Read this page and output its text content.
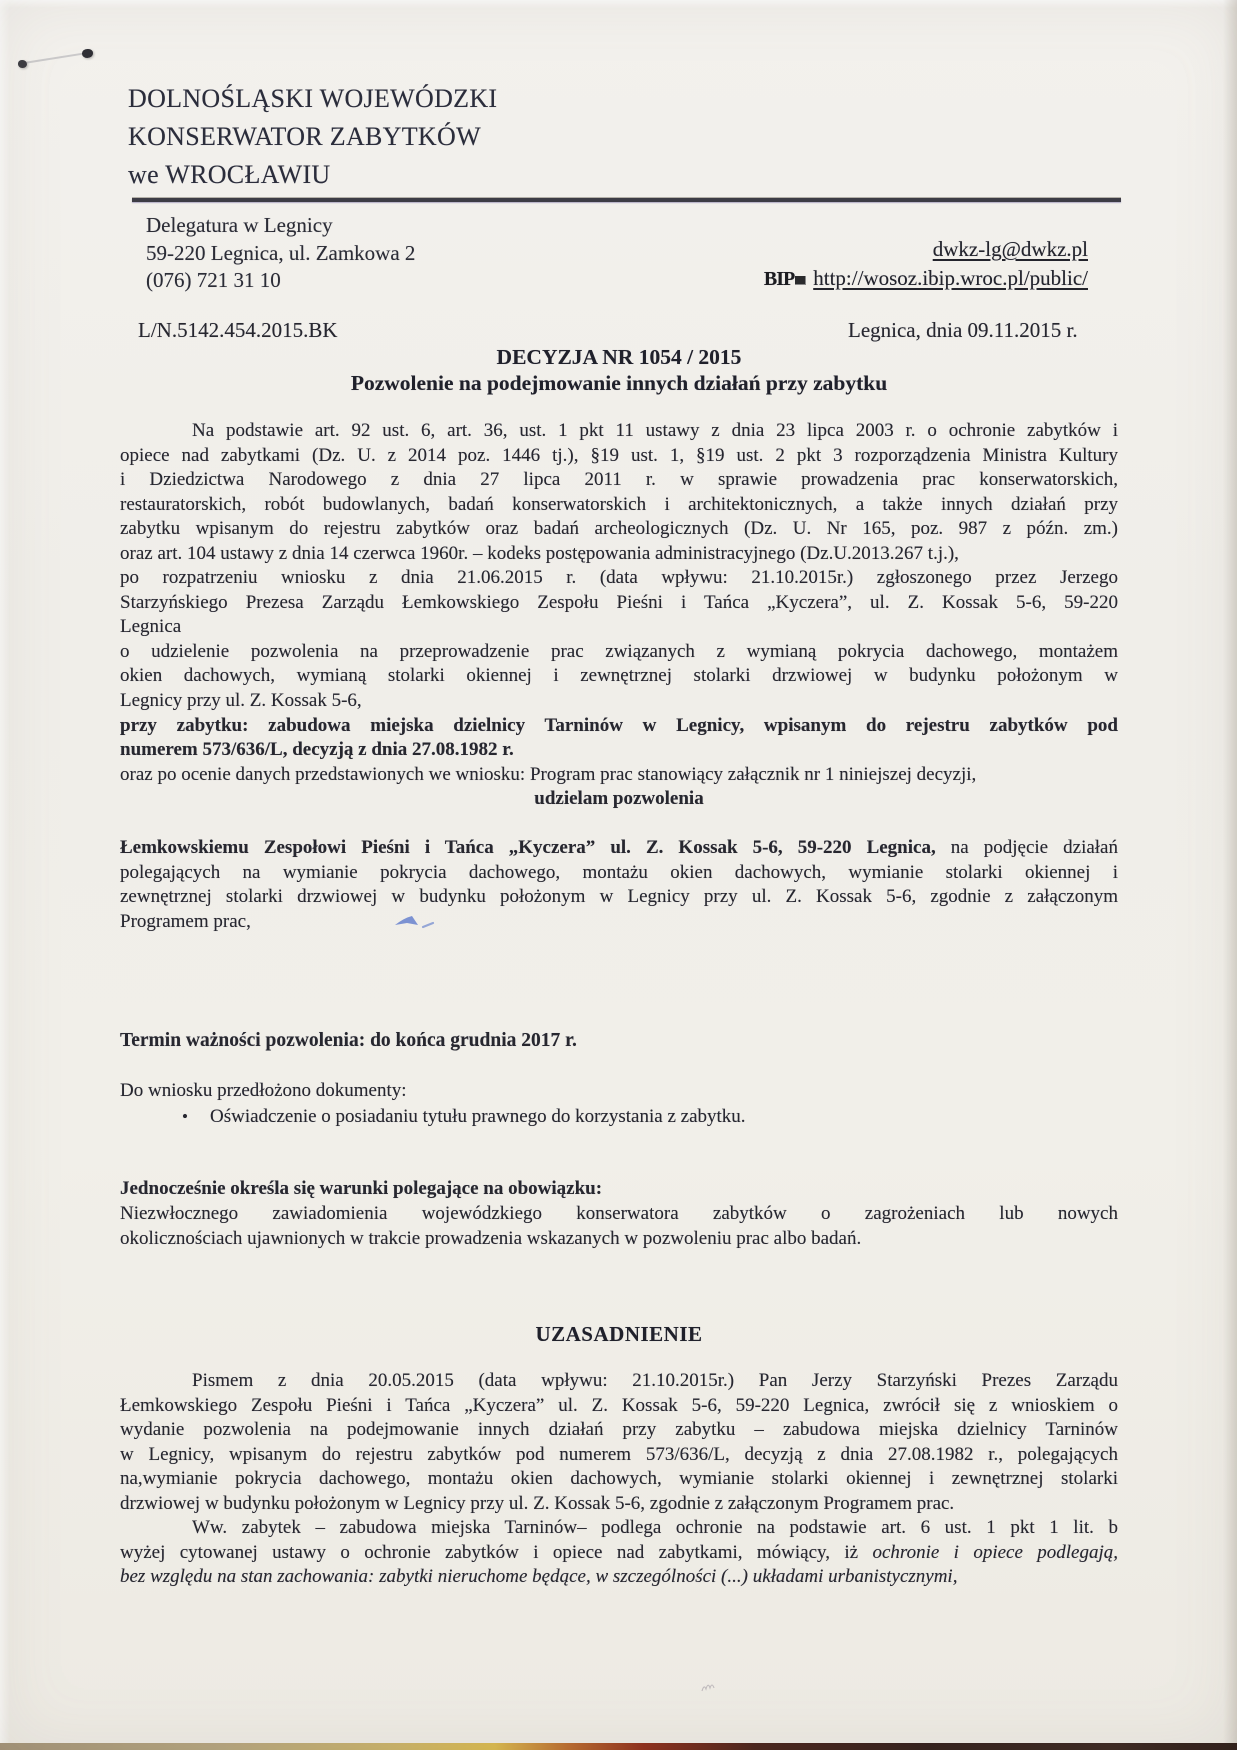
DOLNOŚLĄSKI WOJEWÓDZKI
KONSERWATOR ZABYTKÓW
we WROCŁAWIU
Delegatura w Legnicy
59-220 Legnica, ul. Zamkowa 2
(076) 721 31 10
dwkz-lg@dwkz.pl
BIP http://wosoz.ibip.wroc.pl/public/
L/N.5142.454.2015.BK	Legnica, dnia 09.11.2015 r.
DECYZJA NR 1054 / 2015
Pozwolenie na podejmowanie innych działań przy zabytku
Na podstawie art. 92 ust. 6, art. 36, ust. 1 pkt 11 ustawy z dnia 23 lipca 2003 r. o ochronie zabytków i
opiece nad zabytkami (Dz. U. z 2014 poz. 1446 tj.), §19 ust. 1, §19 ust. 2 pkt 3 rozporządzenia Ministra Kultury
i Dziedzictwa Narodowego z dnia 27 lipca 2011 r. w sprawie prowadzenia prac konserwatorskich,
restauratorskich, robót budowlanych, badań konserwatorskich i architektonicznych, a także innych działań przy
zabytku wpisanym do rejestru zabytków oraz badań archeologicznych (Dz. U. Nr 165, poz. 987 z późn. zm.)
oraz art. 104 ustawy z dnia 14 czerwca 1960r. – kodeks postępowania administracyjnego (Dz.U.2013.267 t.j.),
po rozpatrzeniu wniosku z dnia 21.06.2015 r. (data wpływu: 21.10.2015r.) zgłoszonego przez Jerzego
Starzyńskiego Prezesa Zarządu Łemkowskiego Zespołu Pieśni i Tańca „Kyczera”, ul. Z. Kossak 5-6, 59-220
Legnica
o udzielenie pozwolenia na przeprowadzenie prac związanych z wymianą pokrycia dachowego, montażem
okien dachowych, wymianą stolarki okiennej i zewnętrznej stolarki drzwiowej w budynku położonym w
Legnicy przy ul. Z. Kossak 5-6,
przy zabytku: zabudowa miejska dzielnicy Tarninów w Legnicy, wpisanym do rejestru zabytków pod
numerem 573/636/L, decyzją z dnia 27.08.1982 r.
oraz po ocenie danych przedstawionych we wniosku: Program prac stanowiący załącznik nr 1 niniejszej decyzji,
udzielam pozwolenia
Łemkowskiemu Zespołowi Pieśni i Tańca „Kyczera” ul. Z. Kossak 5-6, 59-220 Legnica, na podjęcie działań
polegających na wymianie pokrycia dachowego, montażu okien dachowych, wymianie stolarki okiennej i
zewnętrznej stolarki drzwiowej w budynku położonym w Legnicy przy ul. Z. Kossak 5-6, zgodnie z załączonym
Programem prac,
Termin ważności pozwolenia: do końca grudnia 2017 r.
Do wniosku przedłożono dokumenty:
• Oświadczenie o posiadaniu tytułu prawnego do korzystania z zabytku.
Jednocześnie określa się warunki polegające na obowiązku:
Niezwłocznego zawiadomienia wojewódzkiego konserwatora zabytków o zagrożeniach lub nowych
okolicznościach ujawnionych w trakcie prowadzenia wskazanych w pozwoleniu prac albo badań.
UZASADNIENIE
Pismem z dnia 20.05.2015 (data wpływu: 21.10.2015r.) Pan Jerzy Starzyński Prezes Zarządu
Łemkowskiego Zespołu Pieśni i Tańca „Kyczera” ul. Z. Kossak 5-6, 59-220 Legnica, zwrócił się z wnioskiem o
wydanie pozwolenia na podejmowanie innych działań przy zabytku – zabudowa miejska dzielnicy Tarninów
w Legnicy, wpisanym do rejestru zabytków pod numerem 573/636/L, decyzją z dnia 27.08.1982 r., polegających
na,wymianie pokrycia dachowego, montażu okien dachowych, wymianie stolarki okiennej i zewnętrznej stolarki
drzwiowej w budynku położonym w Legnicy przy ul. Z. Kossak 5-6, zgodnie z załączonym Programem prac.
Ww. zabytek – zabudowa miejska Tarninów– podlega ochronie na podstawie art. 6 ust. 1 pkt 1 lit. b
wyżej cytowanej ustawy o ochronie zabytków i opiece nad zabytkami, mówiący, iż ochronie i opiece podlegają,
bez względu na stan zachowania: zabytki nieruchome będące, w szczególności (...) układami urbanistycznymi,
